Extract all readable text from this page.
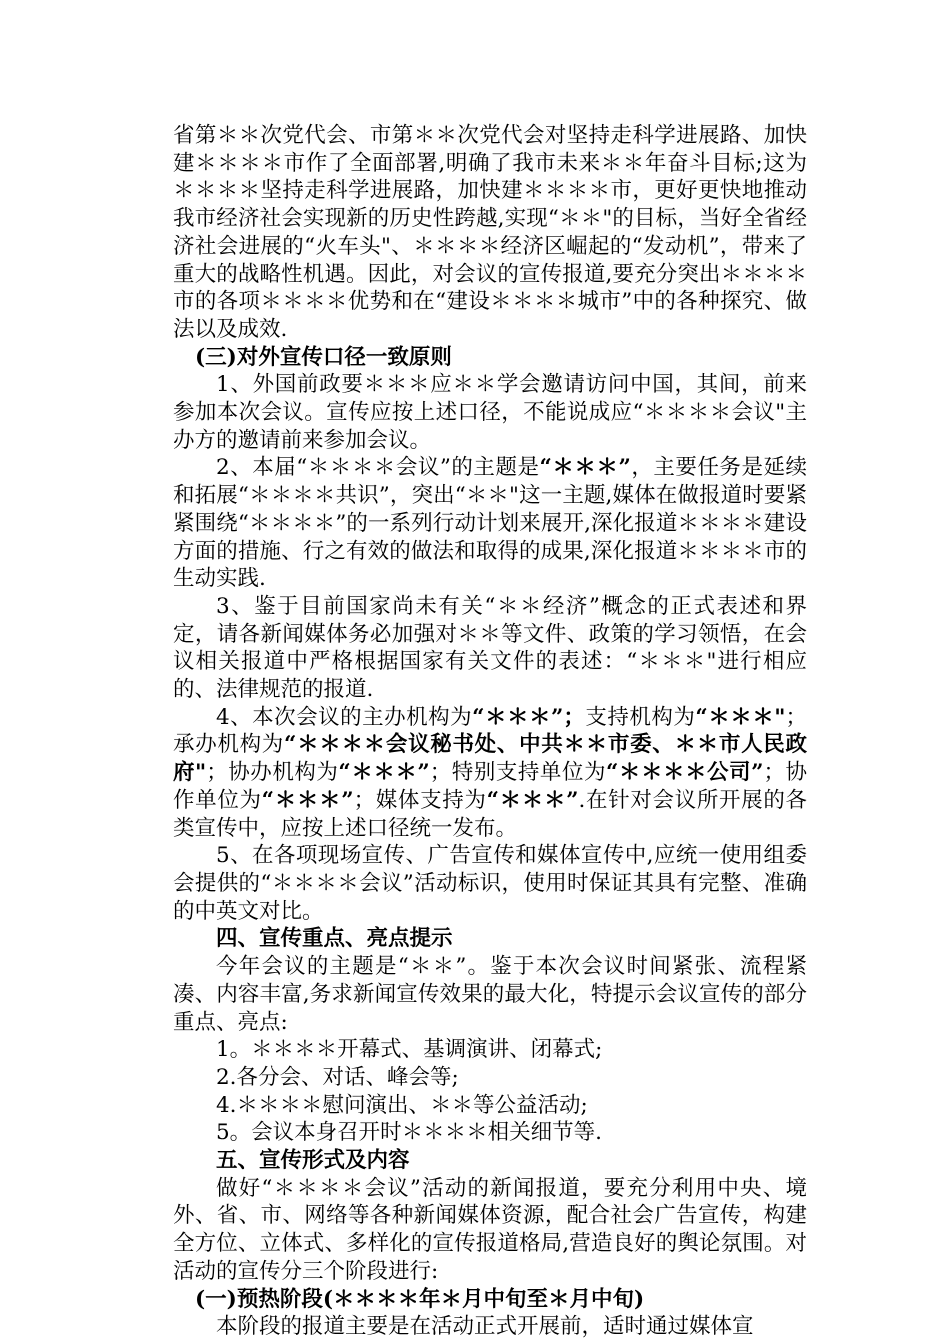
省第＊＊次党代会、市第＊＊次党代会对坚持走科学进展路、加快建＊＊＊＊市作了全面部署,明确了我市未来＊＊年奋斗目标;这为＊＊＊＊坚持走科学进展路，加快建＊＊＊＊市，更好更快地推动我市经济社会实现新的历史性跨越,实现“＊＊"的目标，当好全省经济社会进展的“火车头"、＊＊＊＊经济区崛起的“发动机”，带来了重大的战略性机遇。因此，对会议的宣传报道,要充分突出＊＊＊＊市的各项＊＊＊＊优势和在“建设＊＊＊＊城市”中的各种探究、做法以及成效.

(三)对外宣传口径一致原则

1、外国前政要＊＊＊应＊＊学会邀请访问中国，其间，前来参加本次会议。宣传应按上述口径，不能说成应“＊＊＊＊会议"主办方的邀请前来参加会议。

2、本届“＊＊＊＊会议”的主题是“＊＊＊”，主要任务是延续和拓展“＊＊＊＊共识”，突出“＊＊"这一主题,媒体在做报道时要紧紧围绕“＊＊＊＊”的一系列行动计划来展开,深化报道＊＊＊＊建设方面的措施、行之有效的做法和取得的成果,深化报道＊＊＊＊市的生动实践.

3、鉴于目前国家尚未有关“＊＊经济”概念的正式表述和界定，请各新闻媒体务必加强对＊＊等文件、政策的学习领悟，在会议相关报道中严格根据国家有关文件的表述：“＊＊＊"进行相应的、法律规范的报道.

4、本次会议的主办机构为“＊＊＊”；支持机构为“＊＊＊"；承办机构为“＊＊＊＊会议秘书处、中共＊＊市委、＊＊市人民政府"；协办机构为“＊＊＊”；特别支持单位为“＊＊＊＊公司”；协作单位为“＊＊＊”；媒体支持为“＊＊＊”.在针对会议所开展的各类宣传中，应按上述口径统一发布。

5、在各项现场宣传、广告宣传和媒体宣传中,应统一使用组委会提供的“＊＊＊＊会议”活动标识，使用时保证其具有完整、准确的中英文对比。

四、宣传重点、亮点提示

今年会议的主题是“＊＊”。鉴于本次会议时间紧张、流程紧凑、内容丰富,务求新闻宣传效果的最大化，特提示会议宣传的部分重点、亮点:

1。＊＊＊＊开幕式、基调演讲、闭幕式;

2.各分会、对话、峰会等;

4.＊＊＊＊慰问演出、＊＊等公益活动;

5。会议本身召开时＊＊＊＊相关细节等.

五、宣传形式及内容

做好“＊＊＊＊会议”活动的新闻报道，要充分利用中央、境外、省、市、网络等各种新闻媒体资源，配合社会广告宣传，构建全方位、立体式、多样化的宣传报道格局,营造良好的舆论氛围。对活动的宣传分三个阶段进行:

(一)预热阶段(＊＊＊＊年＊月中旬至＊月中旬)

本阶段的报道主要是在活动正式开展前，适时通过媒体宣
